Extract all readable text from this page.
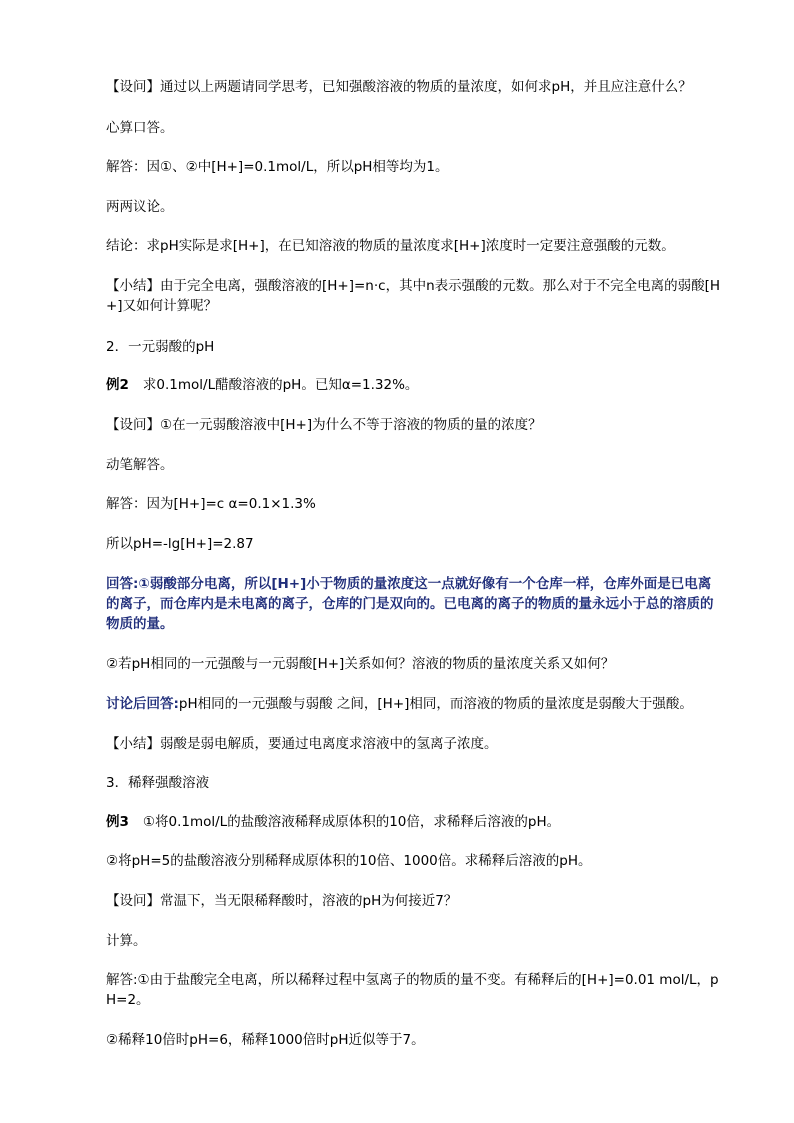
【设问】通过以上两题请同学思考，已知强酸溶液的物质的量浓度，如何求pH，并且应注意什么？
心算口答。
解答：因①、②中[H+]=0.1mol/L，所以pH相等均为1。
两两议论。
结论：求pH实际是求[H+]，在已知溶液的物质的量浓度求[H+]浓度时一定要注意强酸的元数。
【小结】由于完全电离，强酸溶液的[H+]=n·c，其中n表示强酸的元数。那么对于不完全电离的弱酸[H+]又如何计算呢？
2．一元弱酸的pH
例2 求0.1mol/L醋酸溶液的pH。已知α=1.32%。
【设问】①在一元弱酸溶液中[H+]为什么不等于溶液的物质的量的浓度？
动笔解答。
解答：因为[H+]=c α=0.1×1.3%
所以pH=-lg[H+]=2.87
回答:①弱酸部分电离，所以[H+]小于物质的量浓度这一点就好像有一个仓库一样，仓库外面是已电离的离子，而仓库内是未电离的离子，仓库的门是双向的。已电离的离子的物质的量永远小于总的溶质的物质的量。
②若pH相同的一元强酸与一元弱酸[H+]关系如何？溶液的物质的量浓度关系又如何？
讨论后回答:pH相同的一元强酸与弱酸 之间，[H+]相同，而溶液的物质的量浓度是弱酸大于强酸。
【小结】弱酸是弱电解质，要通过电离度求溶液中的氢离子浓度。
3．稀释强酸溶液
例3 ①将0.1mol/L的盐酸溶液稀释成原体积的10倍，求稀释后溶液的pH。
②将pH=5的盐酸溶液分别稀释成原体积的10倍、1000倍。求稀释后溶液的pH。
【设问】常温下，当无限稀释酸时，溶液的pH为何接近7？
计算。
解答:①由于盐酸完全电离，所以稀释过程中氢离子的物质的量不变。有稀释后的[H+]=0.01 mol/L，pH=2。
②稀释10倍时pH=6，稀释1000倍时pH近似等于7。
